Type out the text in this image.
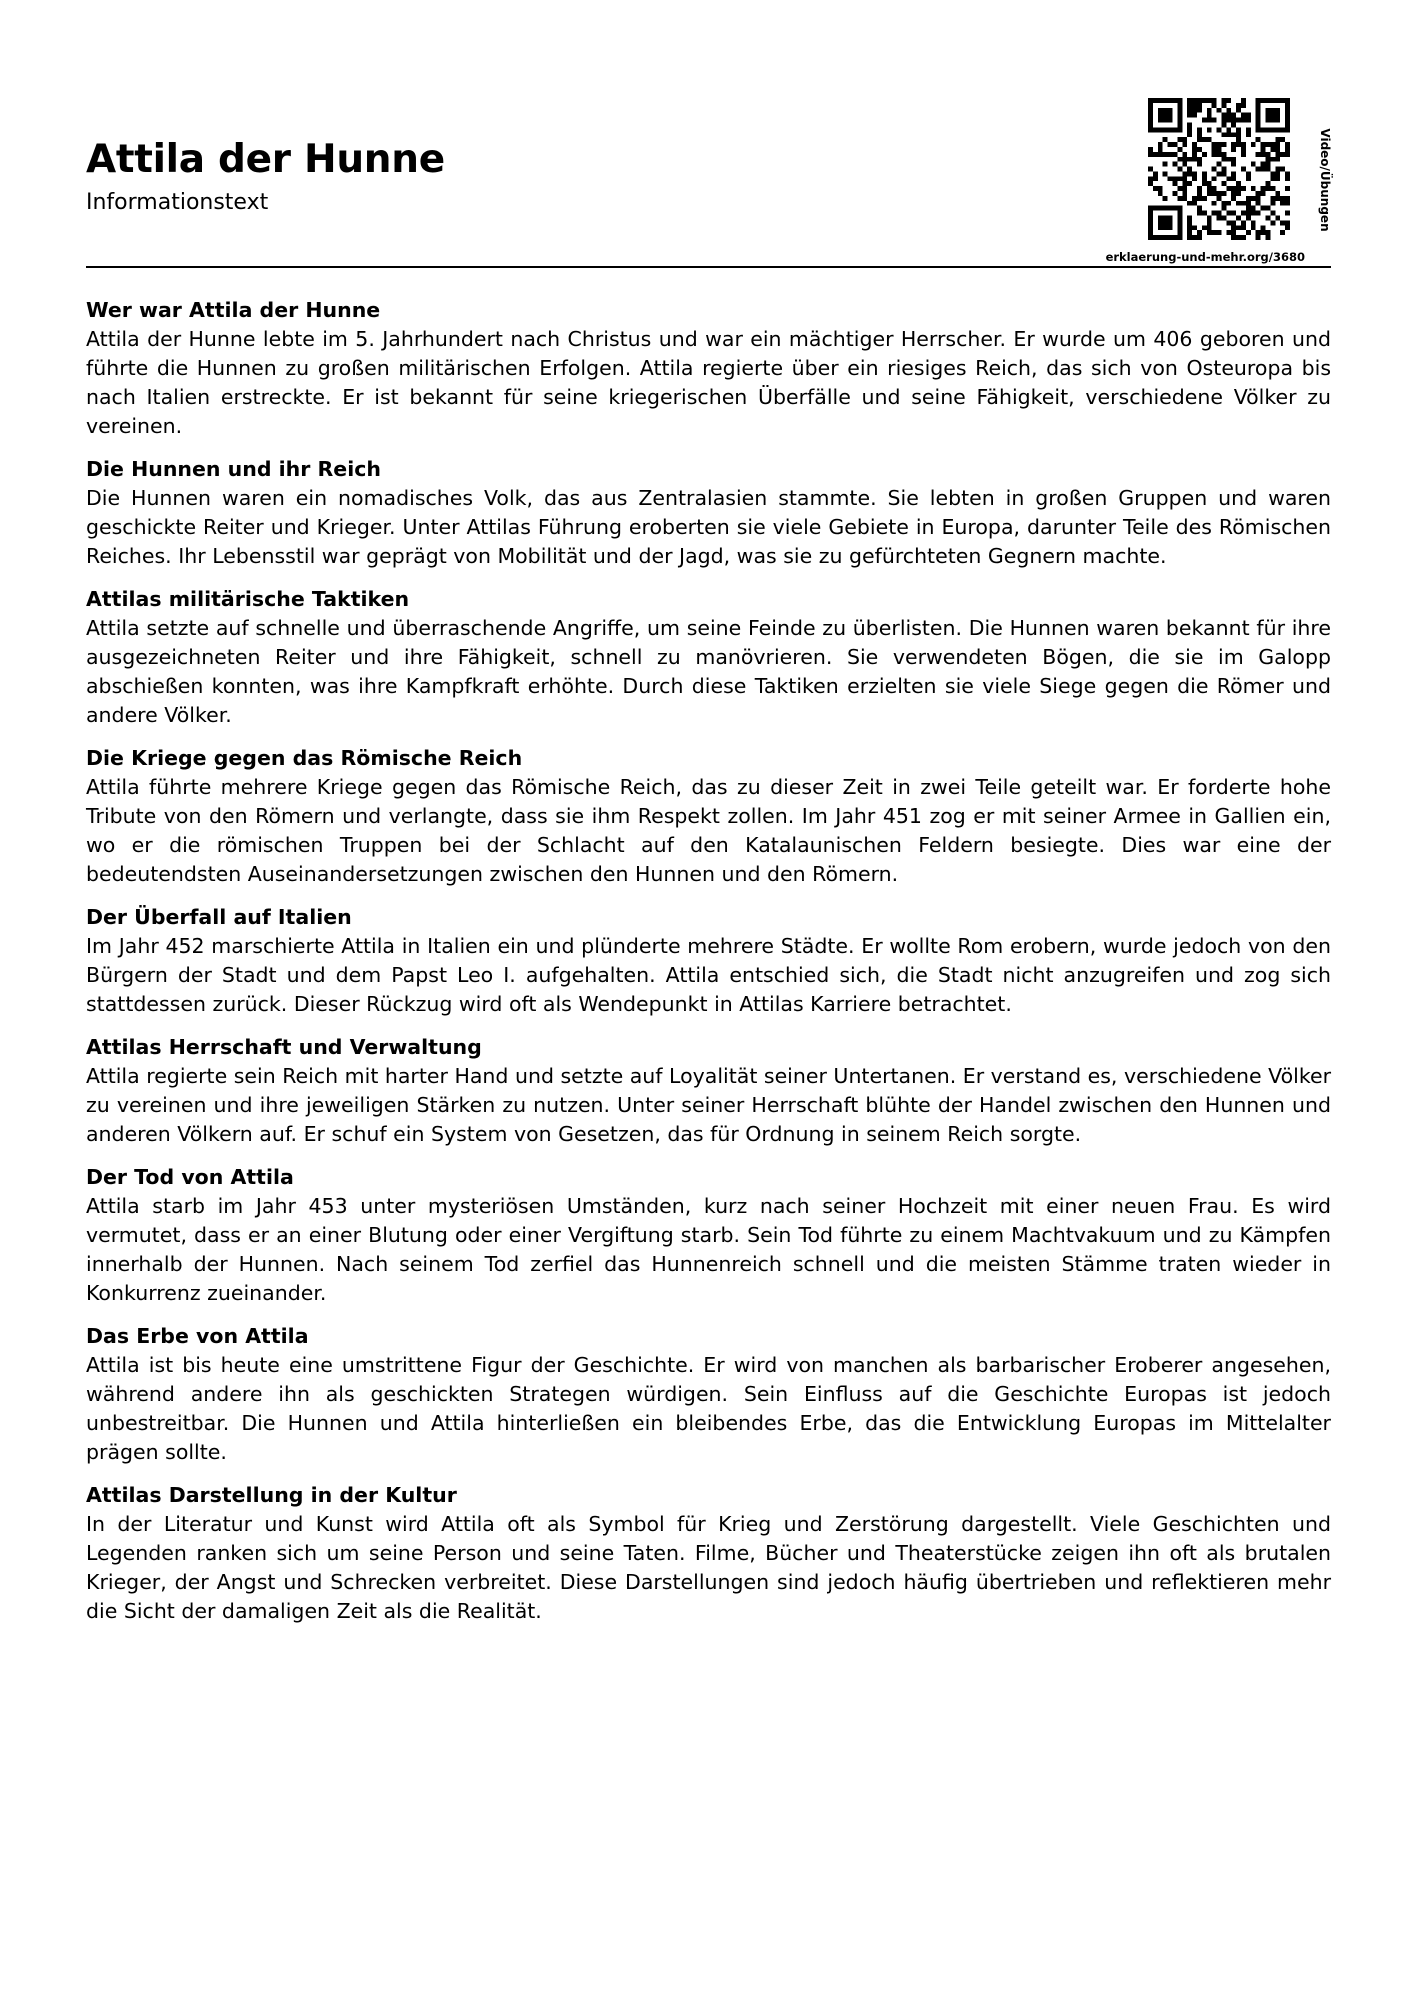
Attila der Hunne
Informationstext	Video/Übungen
erklaerung-und-mehr.org/3680
Wer war Attila der Hunne

Attila der Hunne lebte im 5. Jahrhundert nach Christus und war ein mächtiger Herrscher. Er wurde um 406 geboren und führte die Hunnen zu großen militärischen Erfolgen. Attila regierte über ein riesiges Reich, das sich von Osteuropa bis nach Italien erstreckte. Er ist bekannt für seine kriegerischen Überfälle und seine Fähigkeit, verschiedene Völker zu vereinen.

Die Hunnen und ihr Reich

Die Hunnen waren ein nomadisches Volk, das aus Zentralasien stammte. Sie lebten in großen Gruppen und waren geschickte Reiter und Krieger. Unter Attilas Führung eroberten sie viele Gebiete in Europa, darunter Teile des Römischen Reiches. Ihr Lebensstil war geprägt von Mobilität und der Jagd, was sie zu gefürchteten Gegnern machte.

Attilas militärische Taktiken

Attila setzte auf schnelle und überraschende Angriffe, um seine Feinde zu überlisten. Die Hunnen waren bekannt für ihre ausgezeichneten Reiter und ihre Fähigkeit, schnell zu manövrieren. Sie verwendeten Bögen, die sie im Galopp abschießen konnten, was ihre Kampfkraft erhöhte. Durch diese Taktiken erzielten sie viele Siege gegen die Römer und andere Völker.

Die Kriege gegen das Römische Reich

Attila führte mehrere Kriege gegen das Römische Reich, das zu dieser Zeit in zwei Teile geteilt war. Er forderte hohe Tribute von den Römern und verlangte, dass sie ihm Respekt zollen. Im Jahr 451 zog er mit seiner Armee in Gallien ein, wo er die römischen Truppen bei der Schlacht auf den Katalaunischen Feldern besiegte. Dies war eine der bedeutendsten Auseinandersetzungen zwischen den Hunnen und den Römern.

Der Überfall auf Italien

Im Jahr 452 marschierte Attila in Italien ein und plünderte mehrere Städte. Er wollte Rom erobern, wurde jedoch von den Bürgern der Stadt und dem Papst Leo I. aufgehalten. Attila entschied sich, die Stadt nicht anzugreifen und zog sich stattdessen zurück. Dieser Rückzug wird oft als Wendepunkt in Attilas Karriere betrachtet.

Attilas Herrschaft und Verwaltung

Attila regierte sein Reich mit harter Hand und setzte auf Loyalität seiner Untertanen. Er verstand es, verschiedene Völker zu vereinen und ihre jeweiligen Stärken zu nutzen. Unter seiner Herrschaft blühte der Handel zwischen den Hunnen und anderen Völkern auf. Er schuf ein System von Gesetzen, das für Ordnung in seinem Reich sorgte.

Der Tod von Attila

Attila starb im Jahr 453 unter mysteriösen Umständen, kurz nach seiner Hochzeit mit einer neuen Frau. Es wird vermutet, dass er an einer Blutung oder einer Vergiftung starb. Sein Tod führte zu einem Machtvakuum und zu Kämpfen innerhalb der Hunnen. Nach seinem Tod zerfiel das Hunnenreich schnell und die meisten Stämme traten wieder in Konkurrenz zueinander.

Das Erbe von Attila

Attila ist bis heute eine umstrittene Figur der Geschichte. Er wird von manchen als barbarischer Eroberer angesehen, während andere ihn als geschickten Strategen würdigen. Sein Einfluss auf die Geschichte Europas ist jedoch unbestreitbar. Die Hunnen und Attila hinterließen ein bleibendes Erbe, das die Entwicklung Europas im Mittelalter prägen sollte.

Attilas Darstellung in der Kultur

In der Literatur und Kunst wird Attila oft als Symbol für Krieg und Zerstörung dargestellt. Viele Geschichten und Legenden ranken sich um seine Person und seine Taten. Filme, Bücher und Theaterstücke zeigen ihn oft als brutalen Krieger, der Angst und Schrecken verbreitet. Diese Darstellungen sind jedoch häufig übertrieben und reflektieren mehr die Sicht der damaligen Zeit als die Realität.
